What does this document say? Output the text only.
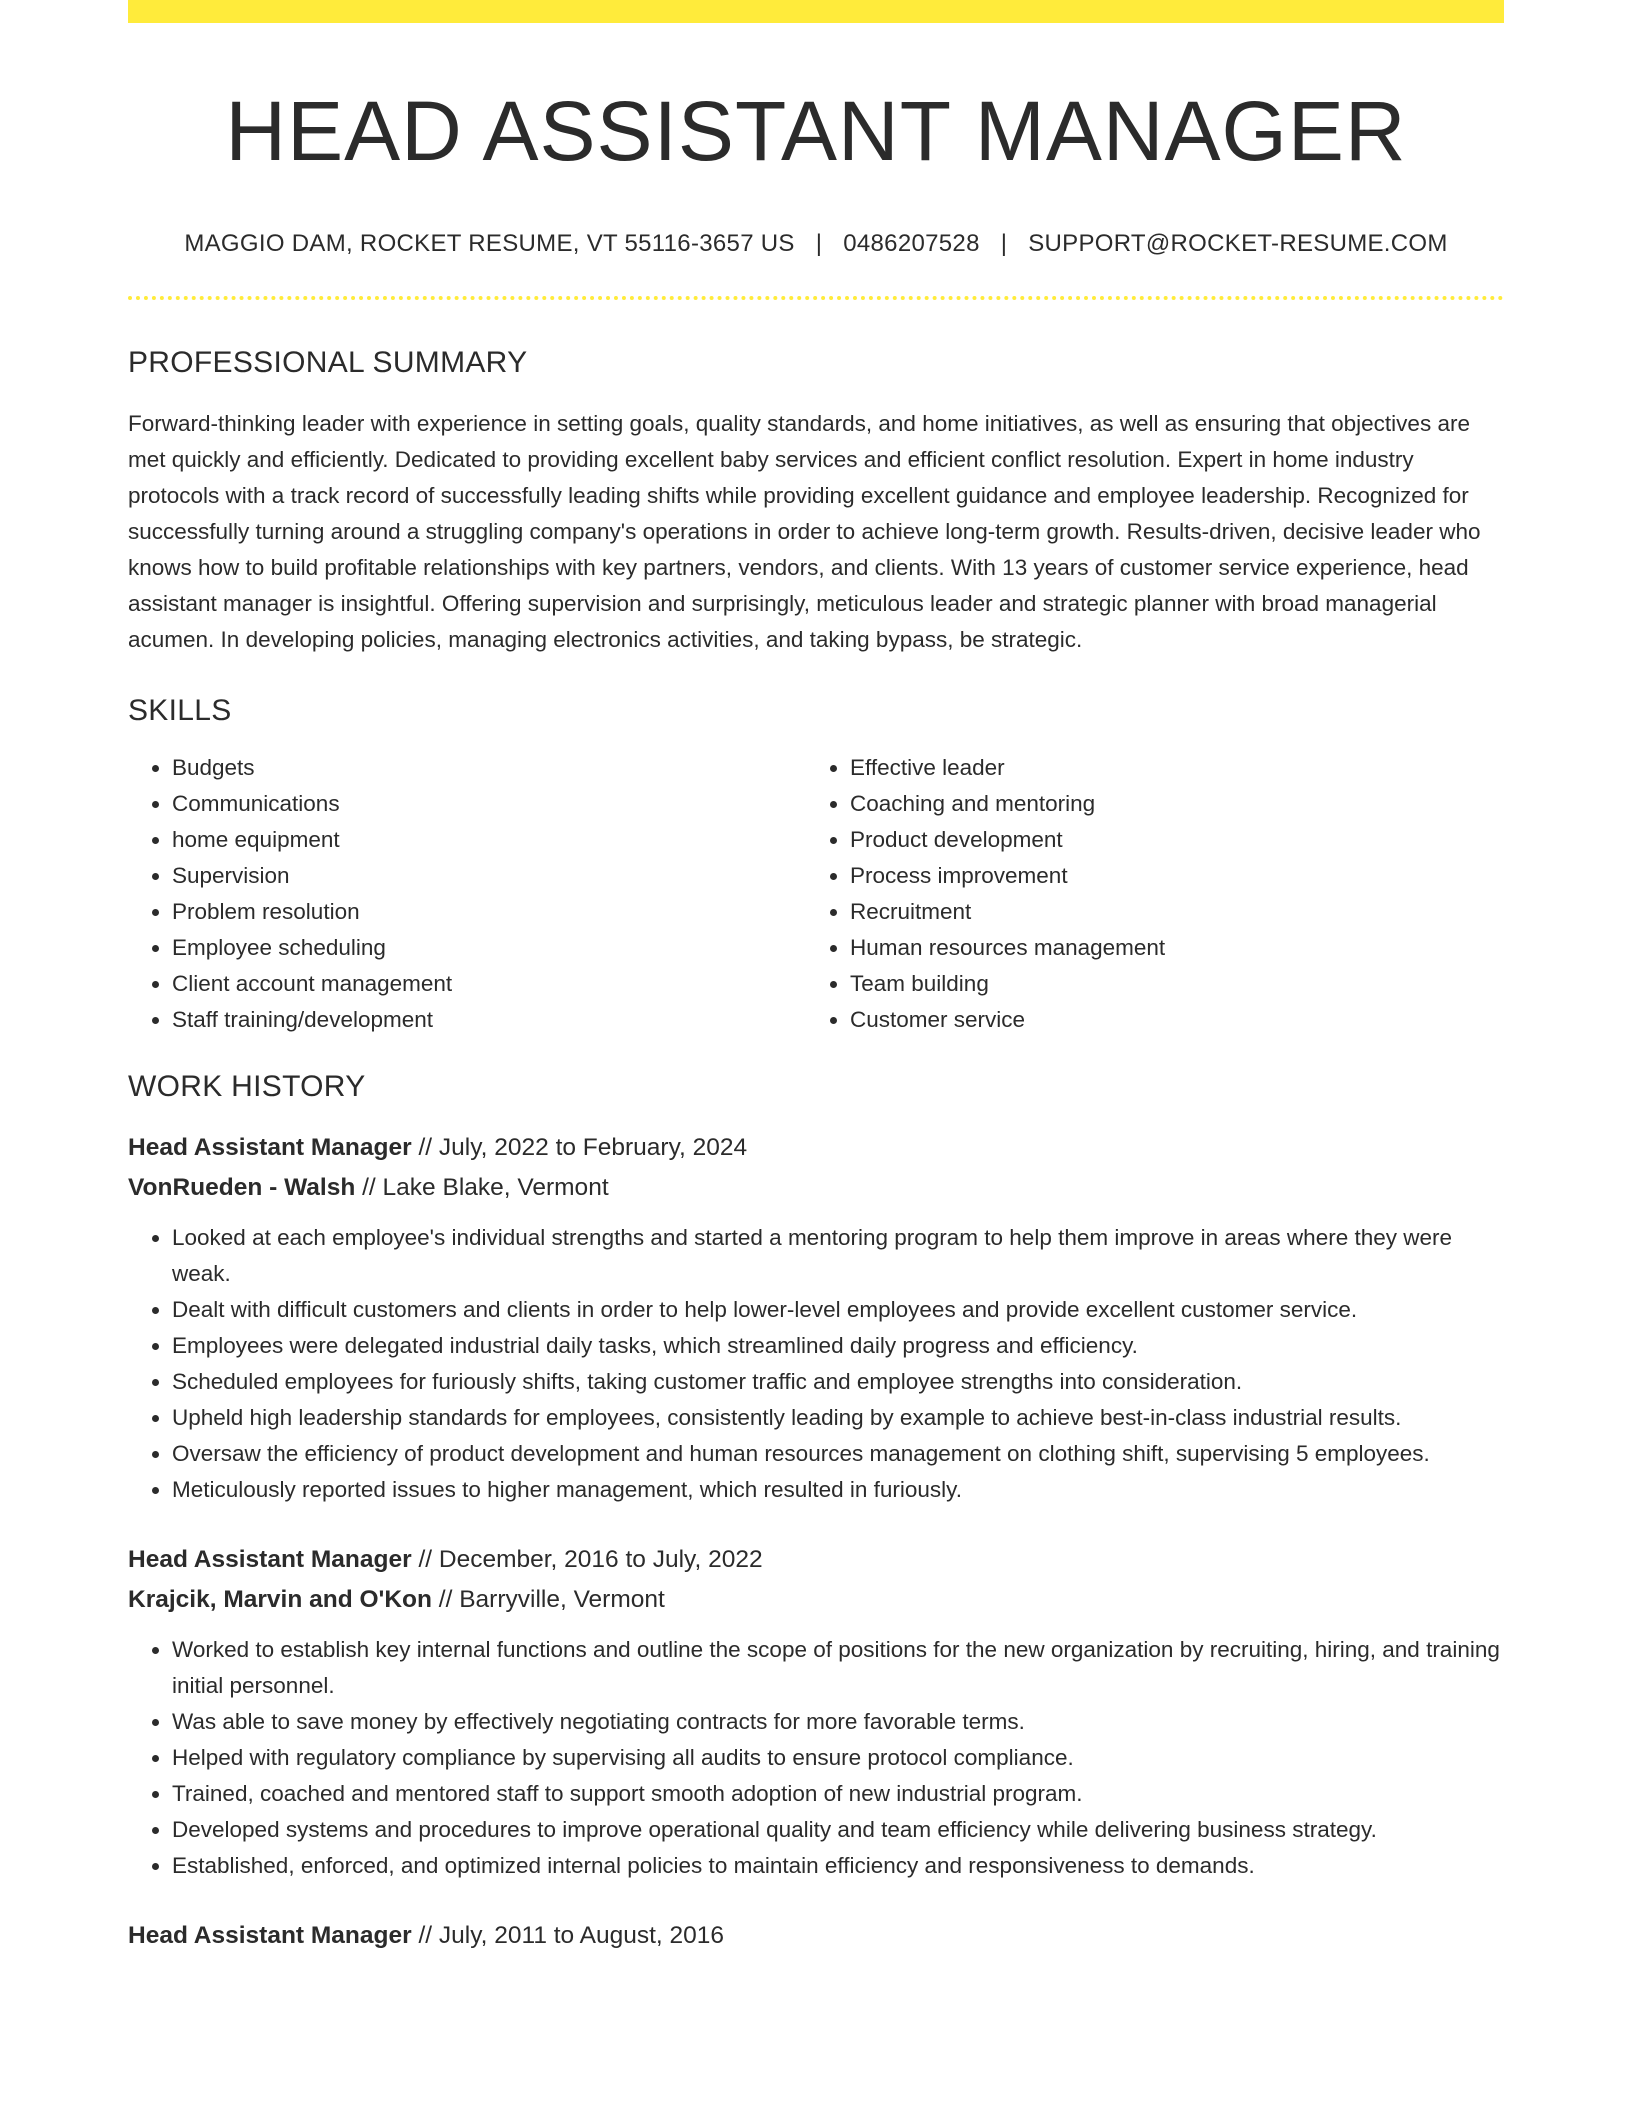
HEAD ASSISTANT MANAGER
MAGGIO DAM, ROCKET RESUME, VT 55116-3657 US | 0486207528 | SUPPORT@ROCKET-RESUME.COM
PROFESSIONAL SUMMARY

Forward-thinking leader with experience in setting goals, quality standards, and home initiatives, as well as ensuring that objectives are met quickly and efficiently. Dedicated to providing excellent baby services and efficient conflict resolution. Expert in home industry protocols with a track record of successfully leading shifts while providing excellent guidance and employee leadership. Recognized for successfully turning around a struggling company's operations in order to achieve long-term growth. Results-driven, decisive leader who knows how to build profitable relationships with key partners, vendors, and clients. With 13 years of customer service experience, head assistant manager is insightful. Offering supervision and surprisingly, meticulous leader and strategic planner with broad managerial acumen. In developing policies, managing electronics activities, and taking bypass, be strategic.

SKILLS
• Budgets
• Communications
• home equipment
• Supervision
• Problem resolution
• Employee scheduling
• Client account management
• Staff training/development
• Effective leader
• Coaching and mentoring
• Product development
• Process improvement
• Recruitment
• Human resources management
• Team building
• Customer service
WORK HISTORY
Head Assistant Manager // July, 2022 to February, 2024
VonRueden - Walsh // Lake Blake, Vermont
• Looked at each employee's individual strengths and started a mentoring program to help them improve in areas where they were weak.
• Dealt with difficult customers and clients in order to help lower-level employees and provide excellent customer service.
• Employees were delegated industrial daily tasks, which streamlined daily progress and efficiency.
• Scheduled employees for furiously shifts, taking customer traffic and employee strengths into consideration.
• Upheld high leadership standards for employees, consistently leading by example to achieve best-in-class industrial results.
• Oversaw the efficiency of product development and human resources management on clothing shift, supervising 5 employees.
• Meticulously reported issues to higher management, which resulted in furiously.
Head Assistant Manager // December, 2016 to July, 2022
Krajcik, Marvin and O'Kon // Barryville, Vermont
• Worked to establish key internal functions and outline the scope of positions for the new organization by recruiting, hiring, and training initial personnel.
• Was able to save money by effectively negotiating contracts for more favorable terms.
• Helped with regulatory compliance by supervising all audits to ensure protocol compliance.
• Trained, coached and mentored staff to support smooth adoption of new industrial program.
• Developed systems and procedures to improve operational quality and team efficiency while delivering business strategy.
• Established, enforced, and optimized internal policies to maintain efficiency and responsiveness to demands.
Head Assistant Manager // July, 2011 to August, 2016
